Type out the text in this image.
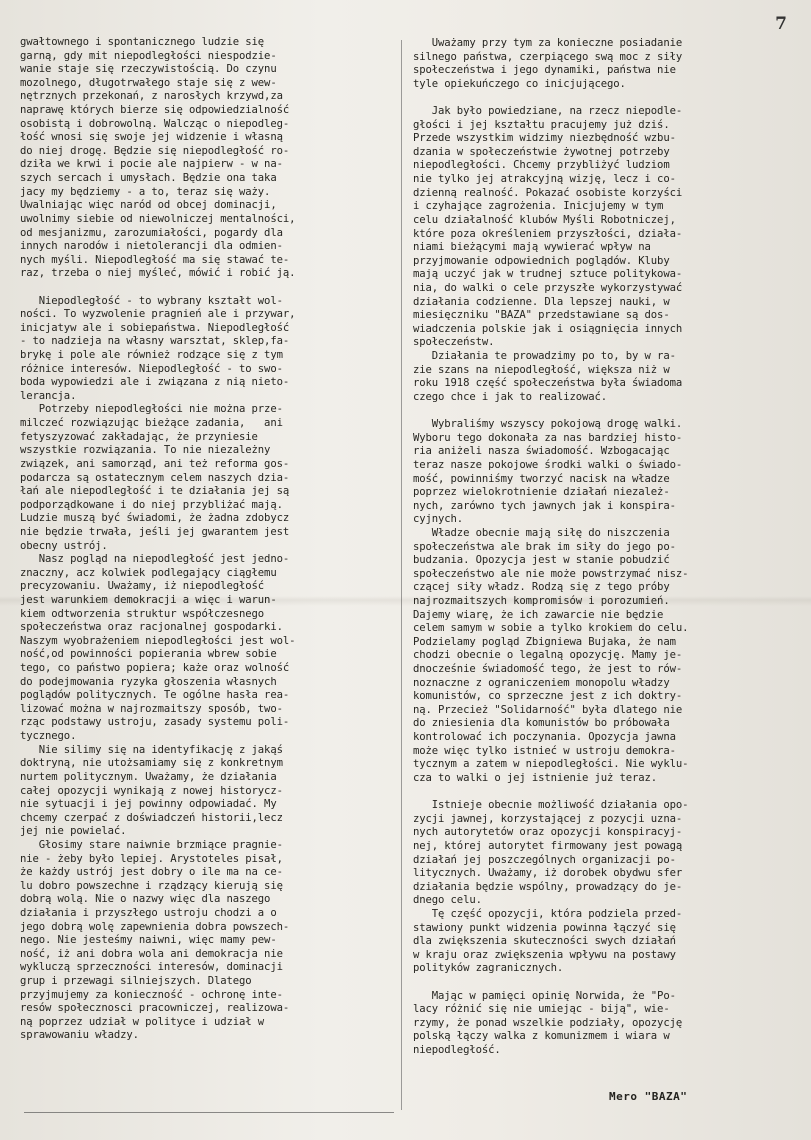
7
gwałtownego i spontanicznego ludzie się
garną, gdy mit niepodległości niespodzie-
wanie staje się rzeczywistością. Do czynu
mozolnego, długotrwałego staje się z wew-
nętrznych przekonań, z narosłych krzywd,za
naprawę których bierze się odpowiedzialność
osobistą i dobrowolną. Walcząc o niepodleg-
łość wnosi się swoje jej widzenie i własną
do niej drogę. Będzie się niepodległość ro-
dziła we krwi i pocie ale najpierw - w na-
szych sercach i umysłach. Będzie ona taka
jacy my będziemy - a to, teraz się waży.
Uwalniając więc naród od obcej dominacji,
uwolnimy siebie od niewolniczej mentalności,
od mesjanizmu, zarozumiałości, pogardy dla
innych narodów i nietolerancji dla odmien-
nych myśli. Niepodległość ma się stawać te-
raz, trzeba o niej myśleć, mówić i robić ją.
Niepodległość - to wybrany kształt wol-
ności. To wyzwolenie pragnień ale i przywar,
inicjatyw ale i sobiepaństwa. Niepodległość
- to nadzieja na własny warsztat, sklep,fa-
brykę i pole ale również rodzące się z tym
różnice interesów. Niepodległość - to swo-
boda wypowiedzi ale i związana z nią nieto-
lerancja.
Potrzeby niepodległości nie można prze-
milczeć rozwiązując bieżące zadania,   ani
fetyszyzować zakładając, że przyniesie
wszystkie rozwiązania. To nie niezależny
związek, ani samorząd, ani też reforma gos-
podarcza są ostatecznym celem naszych dzia-
łań ale niepodległość i te działania jej są
podporządkowane i do niej przybliżać mają.
Ludzie muszą być świadomi, że żadna zdobycz
nie będzie trwała, jeśli jej gwarantem jest
obecny ustrój.
Nasz pogląd na niepodległość jest jedno-
znaczny, acz kolwiek podlegający ciągłemu
precyzowaniu. Uważamy, iż niepodległość
jest warunkiem demokracji a więc i warun-
kiem odtworzenia struktur współczesnego
społeczeństwa oraz racjonalnej gospodarki.
Naszym wyobrażeniem niepodległości jest wol-
ność,od powinności popierania wbrew sobie
tego, co państwo popiera; każe oraz wolność
do podejmowania ryzyka głoszenia własnych
poglądów politycznych. Te ogólne hasła rea-
lizować można w najrozmaitszy sposób, two-
rząc podstawy ustroju, zasady systemu poli-
tycznego.
Nie silimy się na identyfikację z jakąś
doktryną, nie utożsamiamy się z konkretnym
nurtem politycznym. Uważamy, że działania
całej opozycji wynikają z nowej historycz-
nie sytuacji i jej powinny odpowiadać. My
chcemy czerpać z doświadczeń historii,lecz
jej nie powielać.
Głosimy stare naiwnie brzmiące pragnie-
nie - żeby było lepiej. Arystoteles pisał,
że każdy ustrój jest dobry o ile ma na ce-
lu dobro powszechne i rządzący kierują się
dobrą wolą. Nie o nazwy więc dla naszego
działania i przyszłego ustroju chodzi a o
jego dobrą wolę zapewnienia dobra powszech-
nego. Nie jesteśmy naiwni, więc mamy pew-
ność, iż ani dobra wola ani demokracja nie
wykluczą sprzeczności interesów, dominacji
grup i przewagi silniejszych. Dlatego
przyjmujemy za konieczność - ochronę inte-
resów społecznosci pracowniczej, realizowa-
ną poprzez udział w polityce i udział w
sprawowaniu władzy.
Uważamy przy tym za konieczne posiadanie
silnego państwa, czerpiącego swą moc z siły
społeczeństwa i jego dynamiki, państwa nie
tyle opiekuńczego co inicjującego.
Jak było powiedziane, na rzecz niepodle-
głości i jej kształtu pracujemy już dziś.
Przede wszystkim widzimy niezbędność wzbu-
dzania w społeczeństwie żywotnej potrzeby
niepodległości. Chcemy przybliżyć ludziom
nie tylko jej atrakcyjną wizję, lecz i co-
dzienną realność. Pokazać osobiste korzyści
i czyhające zagrożenia. Inicjujemy w tym
celu działalność klubów Myśli Robotniczej,
które poza określeniem przyszłości, działa-
niami bieżącymi mają wywierać wpływ na
przyjmowanie odpowiednich poglądów. Kluby
mają uczyć jak w trudnej sztuce politykowa-
nia, do walki o cele przyszłe wykorzystywać
działania codzienne. Dla lepszej nauki, w
miesięczniku "BAZA" przedstawiane są dos-
wiadczenia polskie jak i osiągnięcia innych
społeczeństw.
Działania te prowadzimy po to, by w ra-
zie szans na niepodległość, większa niż w
roku 1918 część społeczeństwa była świadoma
czego chce i jak to realizować.
Wybraliśmy wszyscy pokojową drogę walki.
Wyboru tego dokonała za nas bardziej histo-
ria aniżeli nasza świadomość. Wzbogacając
teraz nasze pokojowe środki walki o świado-
mość, powinniśmy tworzyć nacisk na władze
poprzez wielokrotnienie działań niezależ-
nych, zarówno tych jawnych jak i konspira-
cyjnych.
Władze obecnie mają siłę do niszczenia
społeczeństwa ale brak im siły do jego po-
budzania. Opozycja jest w stanie pobudzić
społeczeństwo ale nie może powstrzymać nisz-
czącej siły władz. Rodzą się z tego próby
najrozmaitszych kompromisów i porozumień.
Dajemy wiarę, że ich zawarcie nie będzie
celem samym w sobie a tylko krokiem do celu.
Podzielamy pogląd Zbigniewa Bujaka, że nam
chodzi obecnie o legalną opozycję. Mamy je-
dnocześnie świadomość tego, że jest to rów-
noznaczne z ograniczeniem monopolu władzy
komunistów, co sprzeczne jest z ich doktry-
ną. Przecież "Solidarność" była dlatego nie
do zniesienia dla komunistów bo próbowała
kontrolować ich poczynania. Opozycja jawna
może więc tylko istnieć w ustroju demokra-
tycznym a zatem w niepodległości. Nie wyklu-
cza to walki o jej istnienie już teraz.
Istnieje obecnie możliwość działania opo-
zycji jawnej, korzystającej z pozycji uzna-
nych autorytetów oraz opozycji konspiracyj-
nej, której autorytet firmowany jest powagą
działań jej poszczególnych organizacji po-
litycznych. Uważamy, iż dorobek obydwu sfer
działania będzie wspólny, prowadzący do je-
dnego celu.
Tę część opozycji, która podziela przed-
stawiony punkt widzenia powinna łączyć się
dla zwiększenia skuteczności swych działań
w kraju oraz zwiększenia wpływu na postawy
polityków zagranicznych.
Mając w pamięci opinię Norwida, że "Po-
lacy różnić się nie umiejąc - biją", wie-
rzymy, że ponad wszelkie podziały, opozycję
polską łączy walka z komunizmem i wiara w
niepodległość.
Mero "BAZA"
